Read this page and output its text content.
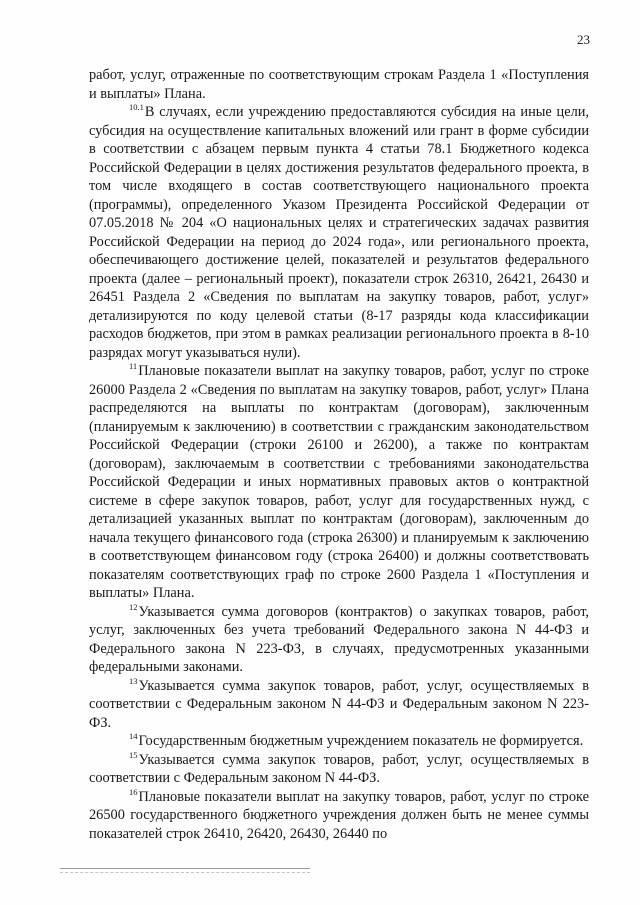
23

работ, услуг, отраженные по соответствующим строкам Раздела 1 «Поступления и выплаты» Плана.

$^{10.1}$В случаях, если учреждению предоставляются субсидия на иные цели, субсидия на осуществление капитальных вложений или грант в форме субсидии в соответствии с абзацем первым пункта 4 статьи 78.1 Бюджетного кодекса Российской Федерации в целях достижения результатов федерального проекта, в том числе входящего в состав соответствующего национального проекта (программы), определенного Указом Президента Российской Федерации от 07.05.2018 № 204 «О национальных целях и стратегических задачах развития Российской Федерации на период до 2024 года», или регионального проекта, обеспечивающего достижение целей, показателей и результатов федерального проекта (далее – региональный проект), показатели строк 26310, 26421, 26430 и 26451 Раздела 2 «Сведения по выплатам на закупку товаров, работ, услуг» детализируются по коду целевой статьи (8-17 разряды кода классификации расходов бюджетов, при этом в рамках реализации регионального проекта в 8-10 разрядах могут указываться нули).

$^{11}$Плановые показатели выплат на закупку товаров, работ, услуг по строке 26000 Раздела 2 «Сведения по выплатам на закупку товаров, работ, услуг» Плана распределяются на выплаты по контрактам (договорам), заключенным (планируемым к заключению) в соответствии с гражданским законодательством Российской Федерации (строки 26100 и 26200), а также по контрактам (договорам), заключаемым в соответствии с требованиями законодательства Российской Федерации и иных нормативных правовых актов о контрактной системе в сфере закупок товаров, работ, услуг для государственных нужд, с детализацией указанных выплат по контрактам (договорам), заключенным до начала текущего финансового года (строка 26300) и планируемым к заключению в соответствующем финансовом году (строка 26400) и должны соответствовать показателям соответствующих граф по строке 2600 Раздела 1 «Поступления и выплаты» Плана.

$^{12}$Указывается сумма договоров (контрактов) о закупках товаров, работ, услуг, заключенных без учета требований Федерального закона N 44-ФЗ и Федерального закона N 223-ФЗ, в случаях, предусмотренных указанными федеральными законами.

$^{13}$Указывается сумма закупок товаров, работ, услуг, осуществляемых в соответствии с Федеральным законом N 44-ФЗ и Федеральным законом N 223-ФЗ.

$^{14}$Государственным бюджетным учреждением показатель не формируется.

$^{15}$Указывается сумма закупок товаров, работ, услуг, осуществляемых в соответствии с Федеральным законом N 44-ФЗ.

$^{16}$Плановые показатели выплат на закупку товаров, работ, услуг по строке 26500 государственного бюджетного учреждения должен быть не менее суммы показателей строк 26410, 26420, 26430, 26440 по
